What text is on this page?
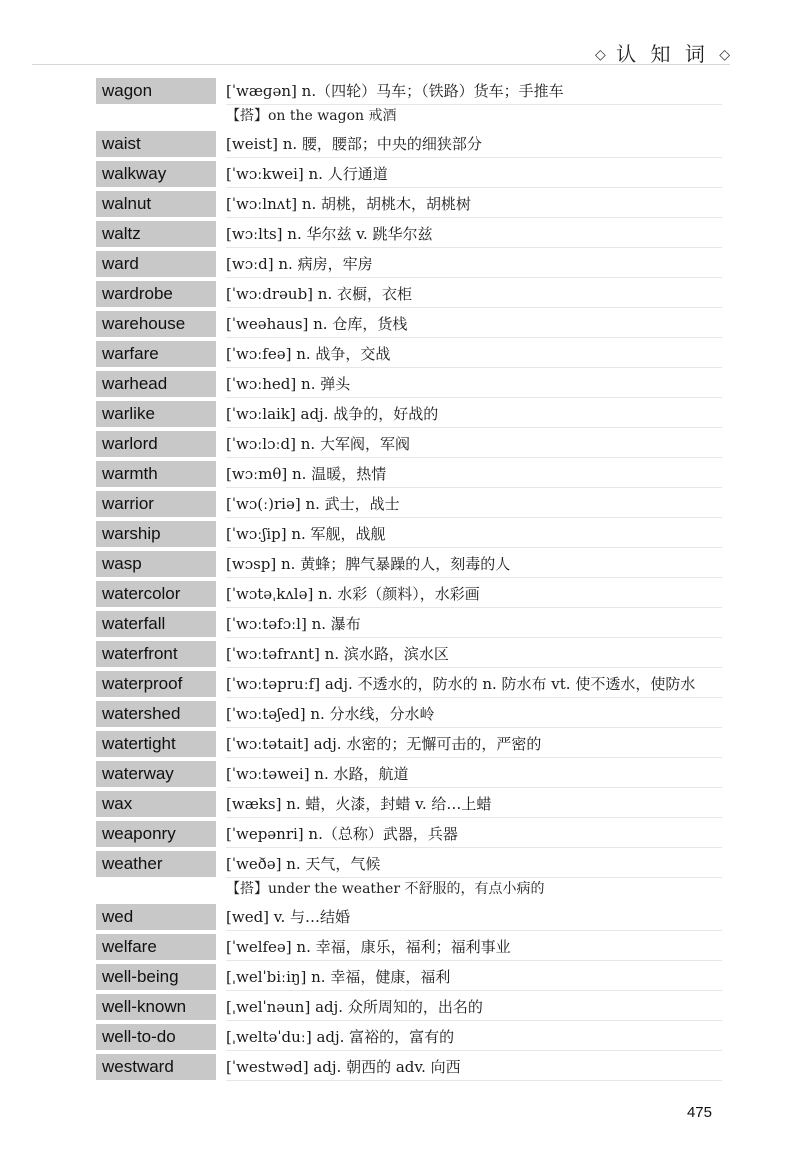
◇ 认 知 词 ◇
wagon	[ˈwæɡən] n.（四轮）马车；（铁路）货车；手推车
【搭】on the wagon 戒酒
waist	[weist] n. 腰，腰部；中央的细狭部分
walkway	[ˈwɔːkwei] n. 人行通道
walnut	[ˈwɔːlnʌt] n. 胡桃，胡桃木，胡桃树
waltz	[wɔːlts] n. 华尔兹 v. 跳华尔兹
ward	[wɔːd] n. 病房，牢房
wardrobe	[ˈwɔːdrəub] n. 衣橱，衣柜
warehouse	[ˈweəhaus] n. 仓库，货栈
warfare	[ˈwɔːfeə] n. 战争，交战
warhead	[ˈwɔːhed] n. 弹头
warlike	[ˈwɔːlaik] adj. 战争的，好战的
warlord	[ˈwɔːlɔːd] n. 大军阀，军阀
warmth	[wɔːmθ] n. 温暖，热情
warrior	[ˈwɔ(ː)riə] n. 武士，战士
warship	[ˈwɔːʃip] n. 军舰，战舰
wasp	[wɔsp] n. 黄蜂；脾气暴躁的人，刻毒的人
watercolor	[ˈwɔtəˌkʌlə] n. 水彩（颜料），水彩画
waterfall	[ˈwɔːtəfɔːl] n. 瀑布
waterfront	[ˈwɔːtəfrʌnt] n. 滨水路，滨水区
waterproof	[ˈwɔːtəpruːf] adj. 不透水的，防水的 n. 防水布 vt. 使不透水，使防水
watershed	[ˈwɔːtəʃed] n. 分水线，分水岭
watertight	[ˈwɔːtətait] adj. 水密的；无懈可击的，严密的
waterway	[ˈwɔːtəwei] n. 水路，航道
wax	[wæks] n. 蜡，火漆，封蜡 v. 给…上蜡
weaponry	[ˈwepənri] n.（总称）武器，兵器
weather	[ˈweðə] n. 天气，气候
【搭】under the weather 不舒服的，有点小病的
wed	[wed] v. 与…结婚
welfare	[ˈwelfeə] n. 幸福，康乐，福利；福利事业
well-being	[ˌwelˈbiːiŋ] n. 幸福，健康，福利
well-known	[ˌwelˈnəun] adj. 众所周知的，出名的
well-to-do	[ˌweltəˈduː] adj. 富裕的，富有的
westward	[ˈwestwəd] adj. 朝西的 adv. 向西
475
